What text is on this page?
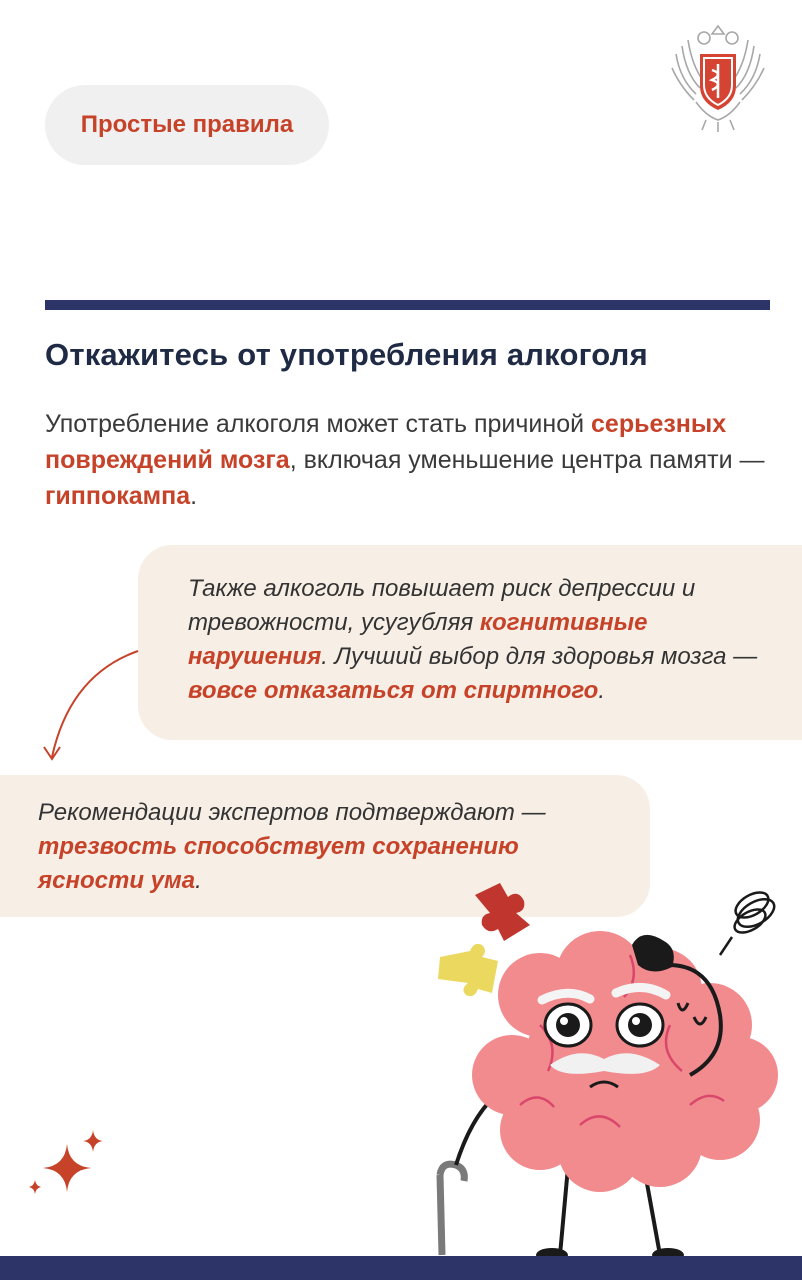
Простые правила
Откажитесь от употребления алкоголя
Употребление алкоголя может стать причиной серьезных повреждений мозга, включая уменьшение центра памяти — гиппокампа.

Также алкоголь повышает риск депрессии и тревожности, усугубляя когнитивные нарушения. Лучший выбор для здоровья мозга — вовсе отказаться от спиртного.

Рекомендации экспертов подтверждают — трезвость способствует сохранению ясности ума.
